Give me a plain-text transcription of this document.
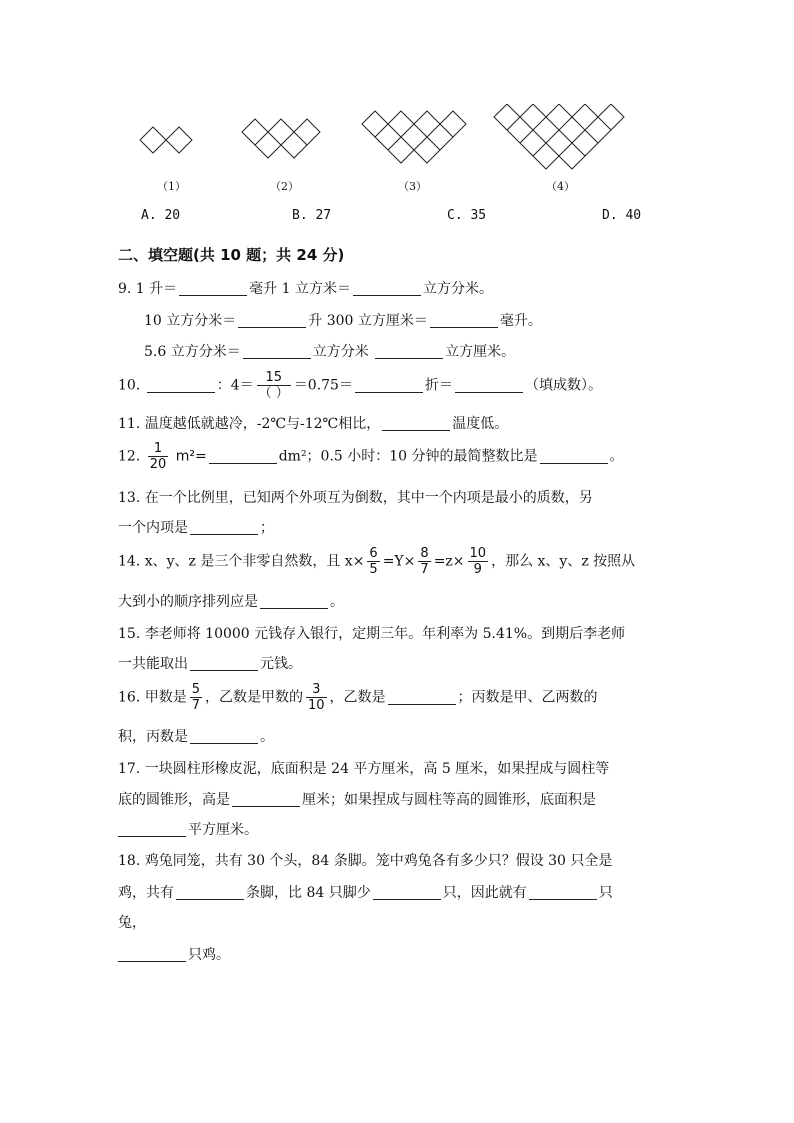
（1）	（2）	（3）	（4）
A. 20	B. 27	C. 35	D. 40
二、填空题(共 10 题；共 24 分)
9. 1 升＝	毫升 1 立方米＝	立方分米。
10 立方分米＝	升 300 立方厘米＝	毫升。
5.6 立方分米＝	立方分米	立方厘米。
10.	：$4= \frac{15}{( )} =0.75=$	折＝	（填成数）。
11. 温度越低就越冷，-2℃与-12℃相比，	温度低。
12. $\frac{1}{20} m^2=$	dm²；0.5 小时：10 分钟的最简整数比是	。
13. 在一个比例里，已知两个外项互为倒数，其中一个内项是最小的质数，另
一个内项是	；
14. x、y、z 是三个非零自然数，且 $x\times \frac{6}{5} =Y\times \frac{8}{7} =z\times \frac{10}{9}$ ，那么 x、y、z 按照从
大到小的顺序排列应是	。
15. 李老师将 10000 元钱存入银行，定期三年。年利率为 5.41%。到期后李老师
一共能取出	元钱。
16. 甲数是 $\frac{5}{7}$ ，乙数是甲数的 $\frac{3}{10}$ ，乙数是	；丙数是甲、乙两数的
积，丙数是	。
17. 一块圆柱形橡皮泥，底面积是 24 平方厘米，高 5 厘米，如果捏成与圆柱等
底的圆锥形，高是	厘米；如果捏成与圆柱等高的圆锥形，底面积是
平方厘米。
18. 鸡兔同笼，共有 30 个头，84 条脚。笼中鸡兔各有多少只？假设 30 只全是
鸡，共有	条脚，比 84 只脚少	只，因此就有	只
兔，
只鸡。
